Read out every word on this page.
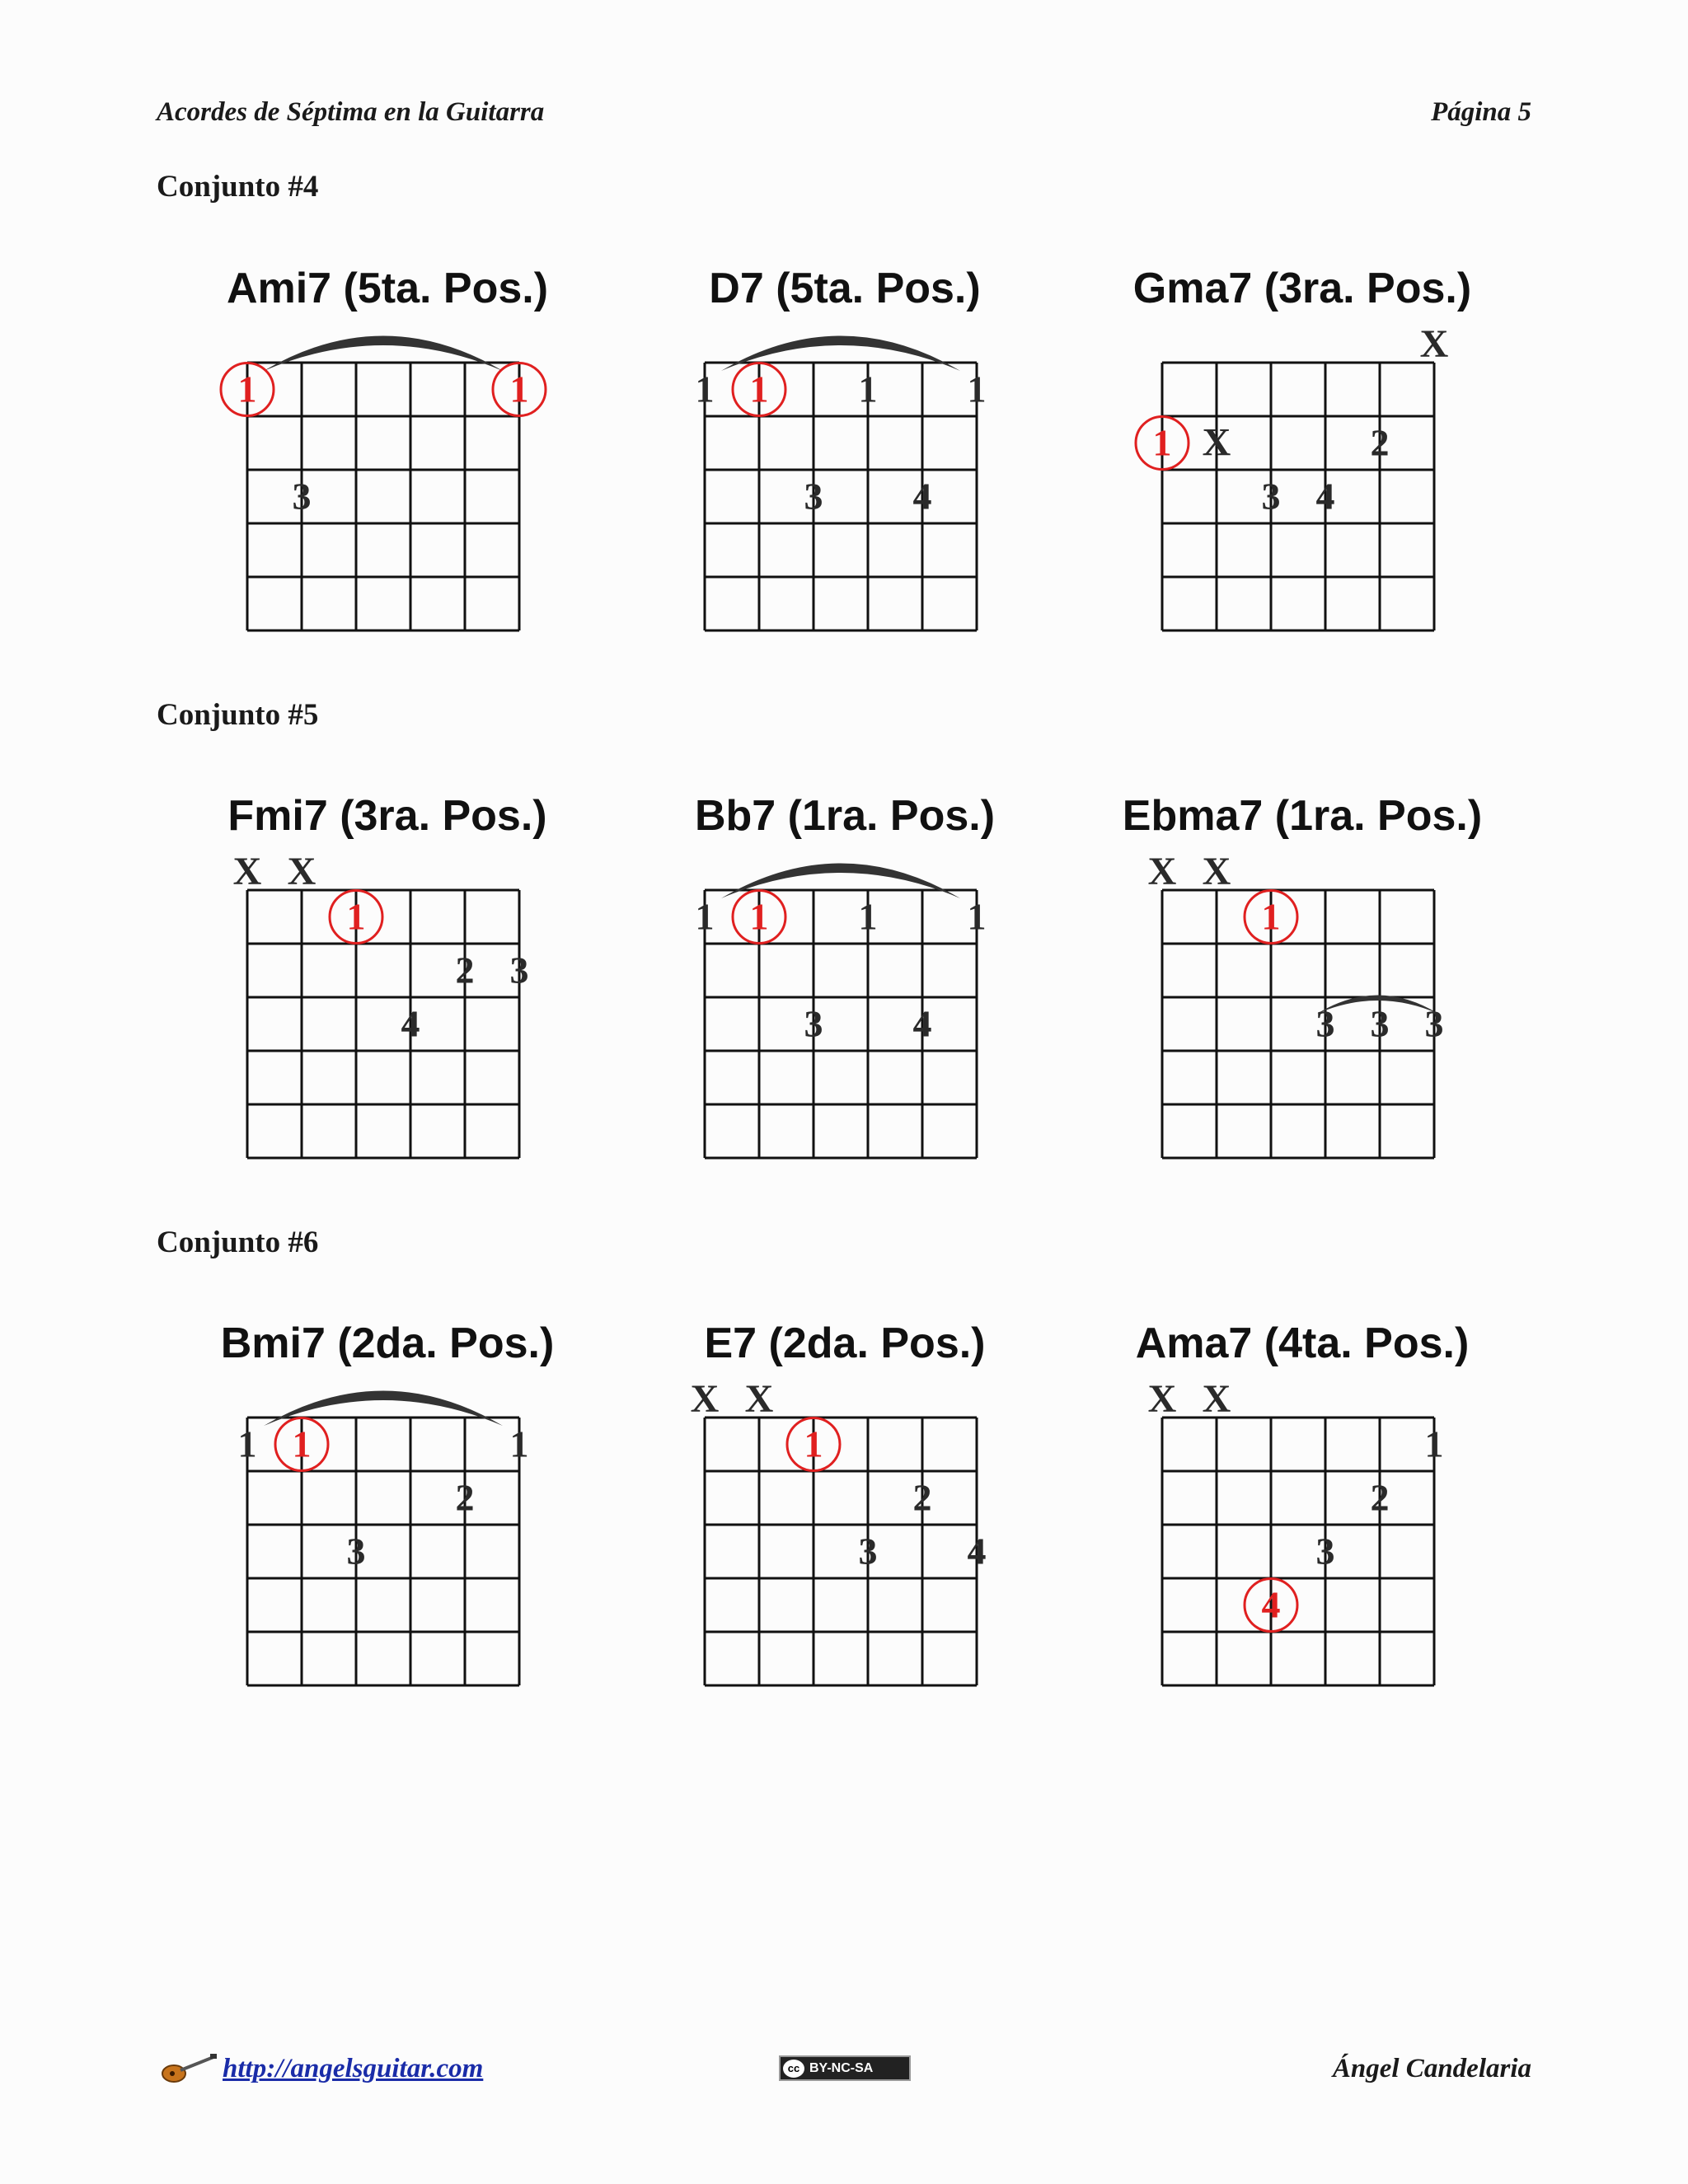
Acordes de Séptima en la Guitarra	Página 5
Conjunto #4
Conjunto #5
Conjunto #6
Ami7 (5ta. Pos.)
1	1
3
D7 (5ta. Pos.)
1 1 1 1
3 4
Gma7 (3ra. Pos.)
X
1 X	2
3 4
Fmi7 (3ra. Pos.)
X X
1
2 3
4
Bb7 (1ra. Pos.)
1 1 1 1
3 4
Ebma7 (1ra. Pos.)
X X
1
3 3 3
Bmi7 (2da. Pos.)
1 1	1
2
3
E7 (2da. Pos.)
X X
1
2
3 4
Ama7 (4ta. Pos.)
X X
1
2
3
4
http://angelsguitar.com	cc BY-NC-SA	Ángel Candelaria
